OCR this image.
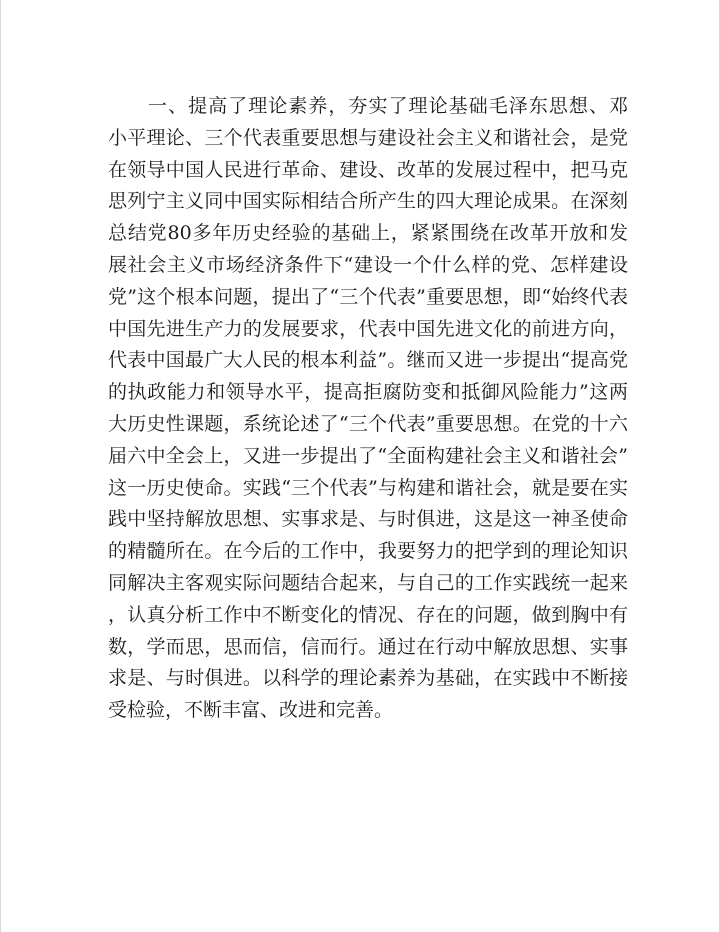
一、提高了理论素养，夯实了理论基础毛泽东思想、邓
小平理论、三个代表重要思想与建设社会主义和谐社会，是党
在领导中国人民进行革命、建设、改革的发展过程中，把马克
思列宁主义同中国实际相结合所产生的四大理论成果。在深刻
总结党80多年历史经验的基础上，紧紧围绕在改革开放和发
展社会主义市场经济条件下“建设一个什么样的党、怎样建设
党”这个根本问题，提出了“三个代表”重要思想，即“始终代表
中国先进生产力的发展要求，代表中国先进文化的前进方向，
代表中国最广大人民的根本利益”。继而又进一步提出“提高党
的执政能力和领导水平，提高拒腐防变和抵御风险能力”这两
大历史性课题，系统论述了“三个代表”重要思想。在党的十六
届六中全会上，又进一步提出了“全面构建社会主义和谐社会”
这一历史使命。实践“三个代表”与构建和谐社会，就是要在实
践中坚持解放思想、实事求是、与时俱进，这是这一神圣使命
的精髓所在。在今后的工作中，我要努力的把学到的理论知识
同解决主客观实际问题结合起来，与自己的工作实践统一起来
，认真分析工作中不断变化的情况、存在的问题，做到胸中有
数，学而思，思而信，信而行。通过在行动中解放思想、实事
求是、与时俱进。以科学的理论素养为基础，在实践中不断接
受检验，不断丰富、改进和完善。
